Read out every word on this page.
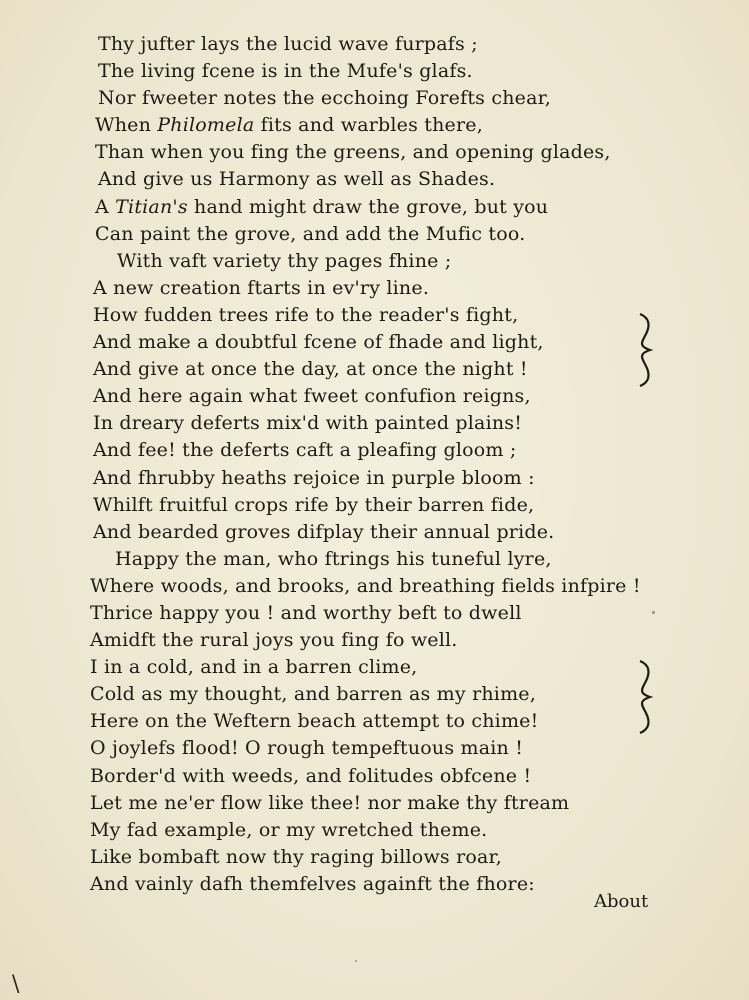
Thy jufter lays the lucid wave furpafs ;
The living fcene is in the Mufe's glafs.
Nor fweeter notes the ecchoing Forefts chear,
When Philomela fits and warbles there,
Than when you fing the greens, and opening glades,
And give us Harmony as well as Shades.
A Titian's hand might draw the grove, but you
Can paint the grove, and add the Mufic too.
With vaft variety thy pages fhine ;
A new creation ftarts in ev'ry line.
How fudden trees rife to the reader's fight,
And make a doubtful fcene of fhade and light,
And give at once the day, at once the night !
And here again what fweet confufion reigns,
In dreary deferts mix'd with painted plains!
And fee! the deferts caft a pleafing gloom ;
And fhrubby heaths rejoice in purple bloom :
Whilft fruitful crops rife by their barren fide,
And bearded groves difplay their annual pride.
Happy the man, who ftrings his tuneful lyre,
Where woods, and brooks, and breathing fields infpire !
Thrice happy you ! and worthy beft to dwell
Amidft the rural joys you fing fo well.
I in a cold, and in a barren clime,
Cold as my thought, and barren as my rhime,
Here on the Weftern beach attempt to chime!
O joylefs flood! O rough tempeftuous main !
Border'd with weeds, and folitudes obfcene !
Let me ne'er flow like thee! nor make thy ftream
My fad example, or my wretched theme.
Like bombaft now thy raging billows roar,
And vainly dafh themfelves againft the fhore:
About
\
